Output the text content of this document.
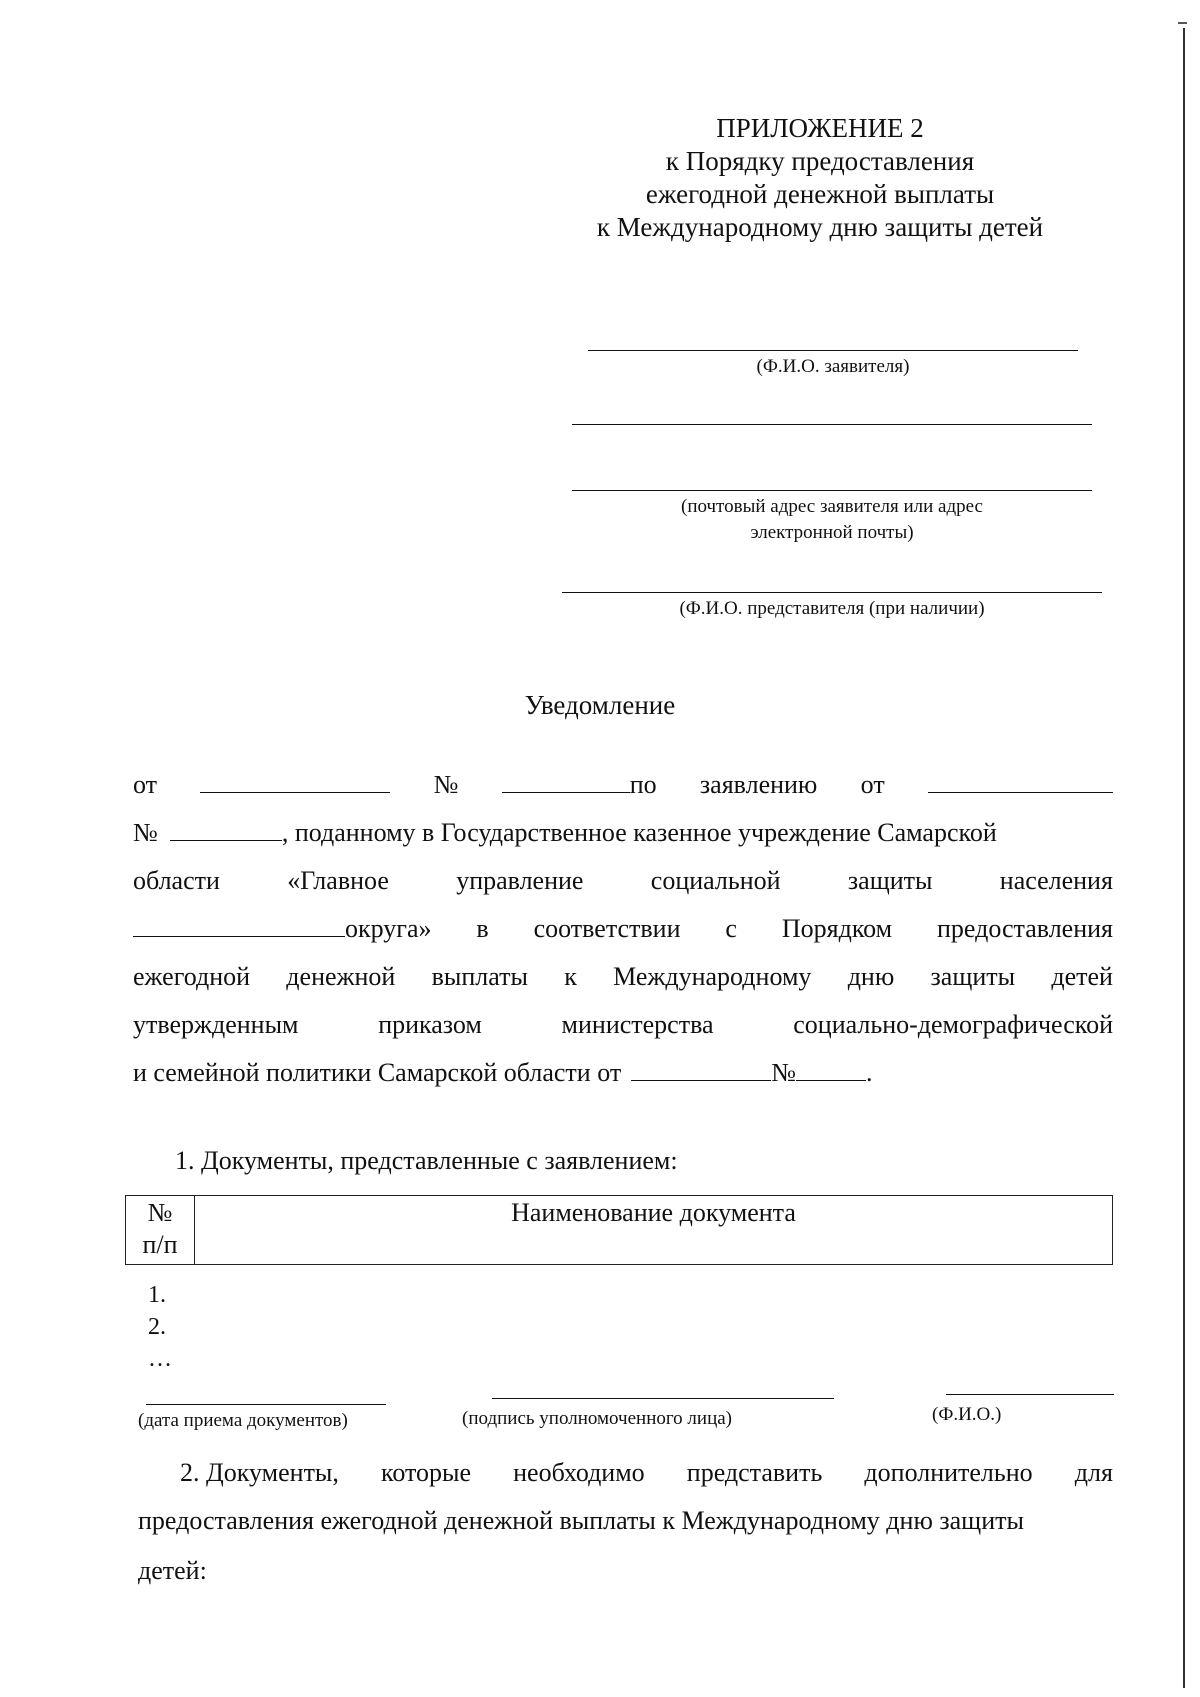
ПРИЛОЖЕНИЕ 2
к Порядку предоставления
ежегодной денежной выплаты
к Международному дню защиты детей
(Ф.И.О. заявителя)
(почтовый адрес заявителя или адрес
электронной почты)
(Ф.И.О. представителя (при наличии)
Уведомление
от	№	по заявлению от
№	, поданному в Государственное казенное учреждение Самарской
области	«Главное	управление	социальной	защиты	населения
округа» в соответствии с Порядком предоставления
ежегодной денежной выплаты к Международному дню защиты детей
утвержденным	приказом	министерства	социально-демографической
и семейной политики Самарской области от	№	.
1. Документы, представленные с заявлением:
№
п/п
	Наименование документа
1.
2.
…
(дата приема документов)	(подпись уполномоченного лица)	(Ф.И.О.)
2. Документы, которые необходимо представить дополнительно для
предоставления ежегодной денежной выплаты к Международному дню защиты
детей:
